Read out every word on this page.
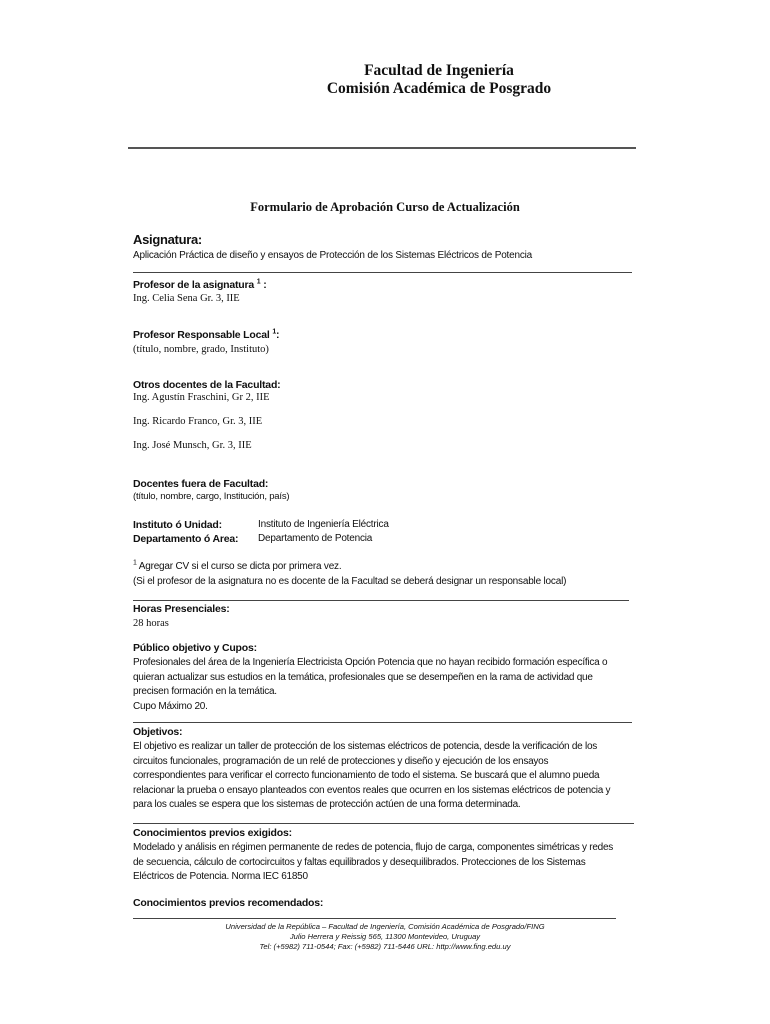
Facultad de Ingeniería
Comisión Académica de Posgrado
Formulario de Aprobación Curso de Actualización
Asignatura:
Aplicación Práctica de diseño y ensayos de Protección de los Sistemas Eléctricos de Potencia
Profesor de la asignatura $^1$ :
Ing. Celia Sena Gr. 3, IIE
Profesor Responsable Local $^1$:
(título, nombre, grado, Instituto)
Otros docentes de la Facultad:
Ing. Agustín Fraschini, Gr 2, IIE
Ing. Ricardo Franco, Gr. 3, IIE
Ing. José Munsch, Gr. 3, IIE
Docentes fuera de Facultad:
(título, nombre, cargo, Institución, país)
Instituto ó Unidad:	Instituto de Ingeniería Eléctrica
Departamento ó Area: Departamento de Potencia
$^1$ Agregar CV si el curso se dicta por primera vez.
(Si el profesor de la asignatura no es docente de la Facultad se deberá designar un responsable local)
Horas Presenciales:
28 horas
Público objetivo y Cupos:
Profesionales del área de la Ingeniería Electricista Opción Potencia que no hayan recibido formación específica o
quieran actualizar sus estudios en la temática, profesionales que se desempeñen en la rama de actividad que
precisen formación en la temática.
Cupo Máximo 20.
Objetivos:
El objetivo es realizar un taller de protección de los sistemas eléctricos de potencia, desde la verificación de los
circuitos funcionales, programación de un relé de protecciones y diseño y ejecución de los ensayos
correspondientes para verificar el correcto funcionamiento de todo el sistema. Se buscará que el alumno pueda
relacionar la prueba o ensayo planteados con eventos reales que ocurren en los sistemas eléctricos de potencia y
para los cuales se espera que los sistemas de protección actúen de una forma determinada.
Conocimientos previos exigidos:
Modelado y análisis en régimen permanente de redes de potencia, flujo de carga, componentes simétricas y redes
de secuencia, cálculo de cortocircuitos y faltas equilibrados y desequilibrados. Protecciones de los Sistemas
Eléctricos de Potencia. Norma IEC 61850
Conocimientos previos recomendados:
Universidad de la República – Facultad de Ingeniería, Comisión Académica de Posgrado/FING
Julio Herrera y Reissig 565, 11300 Montevideo, Uruguay
Tel: (+5982) 711-0544; Fax: (+5982) 711-5446 URL: http://www.fing.edu.uy
